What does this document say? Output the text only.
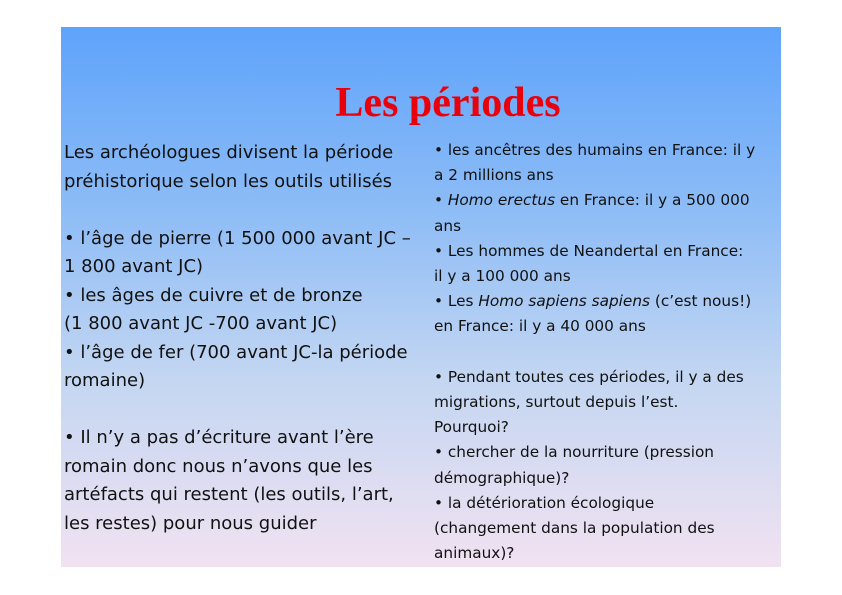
Les périodes

Les archéologues divisent la période
préhistorique selon les outils utilisés

• l’âge de pierre (1 500 000 avant JC –
1 800 avant JC)

• les âges de cuivre et de bronze
(1 800 avant JC -700 avant JC)

• l’âge de fer (700 avant JC-la période
romaine)

• Il n’y a pas d’écriture avant l’ère
romain donc nous n’avons que les
artéfacts qui restent (les outils, l’art,
les restes) pour nous guider

• les ancêtres des humains en France: il y
a 2 millions ans

• Homo erectus en France: il y a 500 000
ans

• Les hommes de Neandertal en France:
il y a 100 000 ans

• Les Homo sapiens sapiens (c’est nous!)
en France: il y a 40 000 ans

• Pendant toutes ces périodes, il y a des
migrations, surtout depuis l’est.
Pourquoi?

• chercher de la nourriture (pression
démographique)?

• la détérioration écologique
(changement dans la population des
animaux)?
